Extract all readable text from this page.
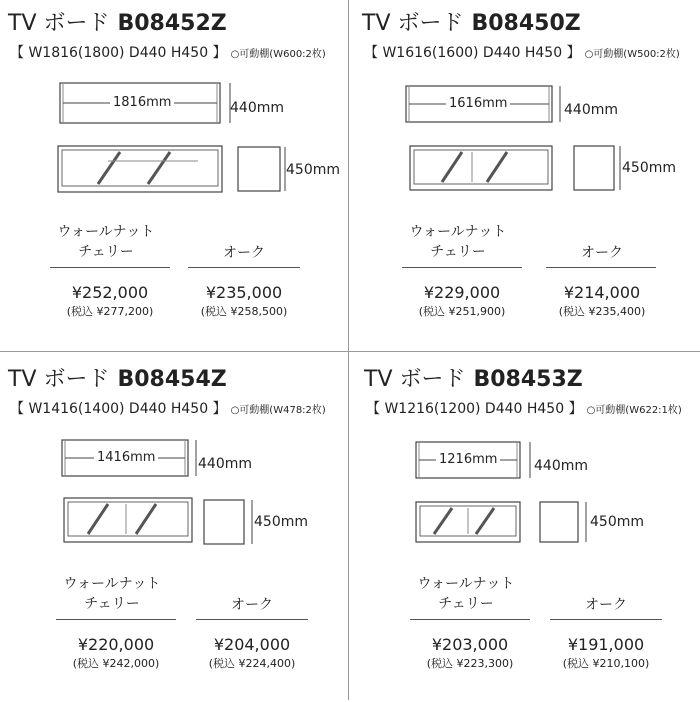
TV ボード B08452Z
【 W1816(1800) D440 H450 】 ○可動棚(W600:2枚)
1816mm	440mm
450mm
ウォールナット
チェリー	オーク
¥252,000
(税込 ¥277,200)
¥235,000
(税込 ¥258,500)
TV ボード B08450Z
【 W1616(1600) D440 H450 】 ○可動棚(W500:2枚)
1616mm	440mm
450mm
ウォールナット
チェリー	オーク
¥229,000
(税込 ¥251,900)
¥214,000
(税込 ¥235,400)
TV ボード B08454Z
【 W1416(1400) D440 H450 】 ○可動棚(W478:2枚)
1416mm	440mm
450mm
ウォールナット
チェリー	オーク
¥220,000
(税込 ¥242,000)
¥204,000
(税込 ¥224,400)
TV ボード B08453Z
【 W1216(1200) D440 H450 】 ○可動棚(W622:1枚)
1216mm	440mm
450mm
ウォールナット
チェリー	オーク
¥203,000
(税込 ¥223,300)
¥191,000
(税込 ¥210,100)
